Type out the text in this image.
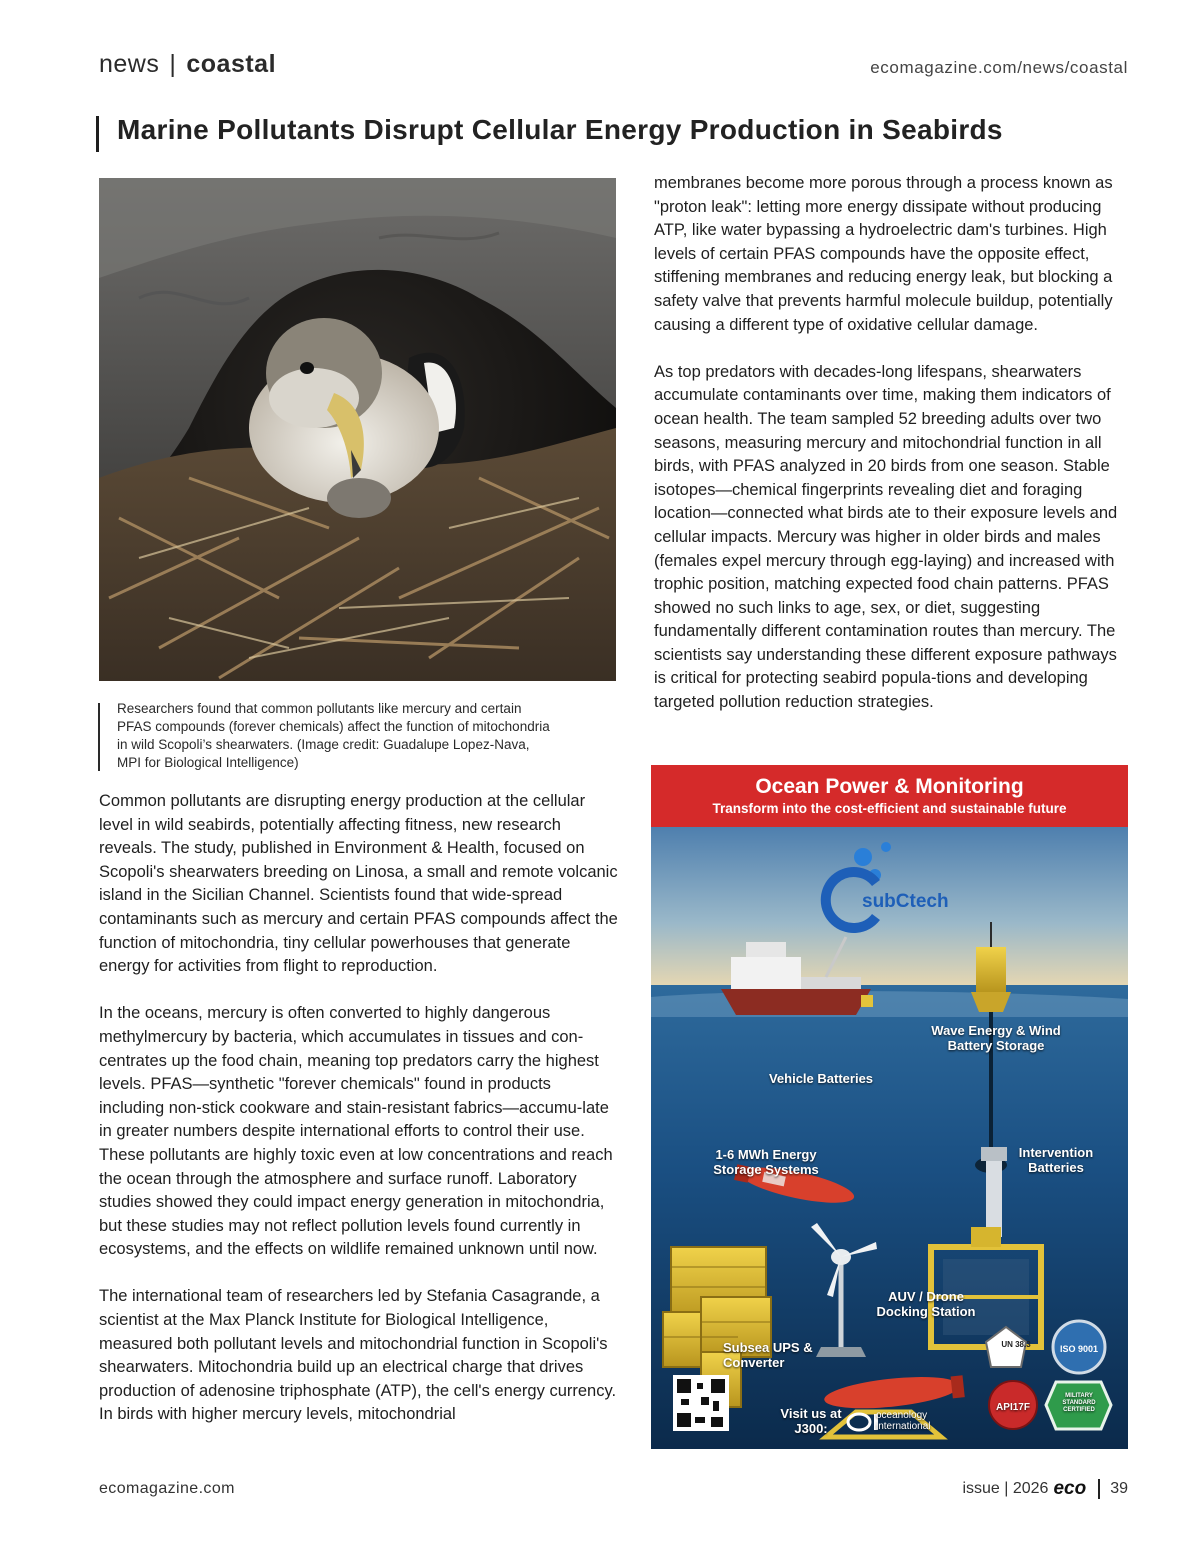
news | coastal	ecomagazine.com/news/coastal
Marine Pollutants Disrupt Cellular Energy Production in Seabirds

Researchers found that common pollutants like mercury and certain PFAS compounds (forever chemicals) affect the function of mitochondria in wild Scopoli’s shearwaters. (Image credit: Guadalupe Lopez-Nava, MPI for Biological Intelligence)

Common pollutants are disrupting energy production at the cellular level in wild seabirds, potentially affecting fitness, new research reveals. The study, published in Environment & Health, focused on Scopoli's shearwaters breeding on Linosa, a small and remote volcanic island in the Sicilian Channel. Scientists found that wide-spread contaminants such as mercury and certain PFAS compounds affect the function of mitochondria, tiny cellular powerhouses that generate energy for activities from flight to reproduction.

In the oceans, mercury is often converted to highly dangerous methylmercury by bacteria, which accumulates in tissues and con-centrates up the food chain, meaning top predators carry the highest levels. PFAS—synthetic "forever chemicals" found in products including non-stick cookware and stain-resistant fabrics—accumu-late in greater numbers despite international efforts to control their use. These pollutants are highly toxic even at low concentrations and reach the ocean through the atmosphere and surface runoff. Laboratory studies showed they could impact energy generation in mitochondria, but these studies may not reflect pollution levels found currently in ecosystems, and the effects on wildlife remained unknown until now.

The international team of researchers led by Stefania Casagrande, a scientist at the Max Planck Institute for Biological Intelligence, measured both pollutant levels and mitochondrial function in Scopoli's shearwaters. Mitochondria build up an electrical charge that drives production of adenosine triphosphate (ATP), the cell's energy currency. In birds with higher mercury levels, mitochondrial

membranes become more porous through a process known as "proton leak": letting more energy dissipate without producing ATP, like water bypassing a hydroelectric dam's turbines. High levels of certain PFAS compounds have the opposite effect, stiffening membranes and reducing energy leak, but blocking a safety valve that prevents harmful molecule buildup, potentially causing a different type of oxidative cellular damage.

As top predators with decades-long lifespans, shearwaters accumulate contaminants over time, making them indicators of ocean health. The team sampled 52 breeding adults over two seasons, measuring mercury and mitochondrial function in all birds, with PFAS analyzed in 20 birds from one season. Stable isotopes—chemical fingerprints revealing diet and foraging location—connected what birds ate to their exposure levels and cellular impacts. Mercury was higher in older birds and males (females expel mercury through egg-laying) and increased with trophic position, matching expected food chain patterns. PFAS showed no such links to age, sex, or diet, suggesting fundamentally different contamination routes than mercury. The scientists say understanding these different exposure pathways is critical for protecting seabird popula-tions and developing targeted pollution reduction strategies.

Ocean Power & Monitoring
Transform into the cost-efficient and sustainable future
subCtech
Wave Energy & Wind Battery Storage
Vehicle Batteries
1-6 MWh Energy Storage Systems
Intervention Batteries
AUV / Drone Docking Station
Subsea UPS & Converter
Visit us at J300:
oceanology international
UN 38.3	ISO 9001
API17F
MILITARY STANDARD CERTIFIED
ecomagazine.com	issue | 2026 eco 39
